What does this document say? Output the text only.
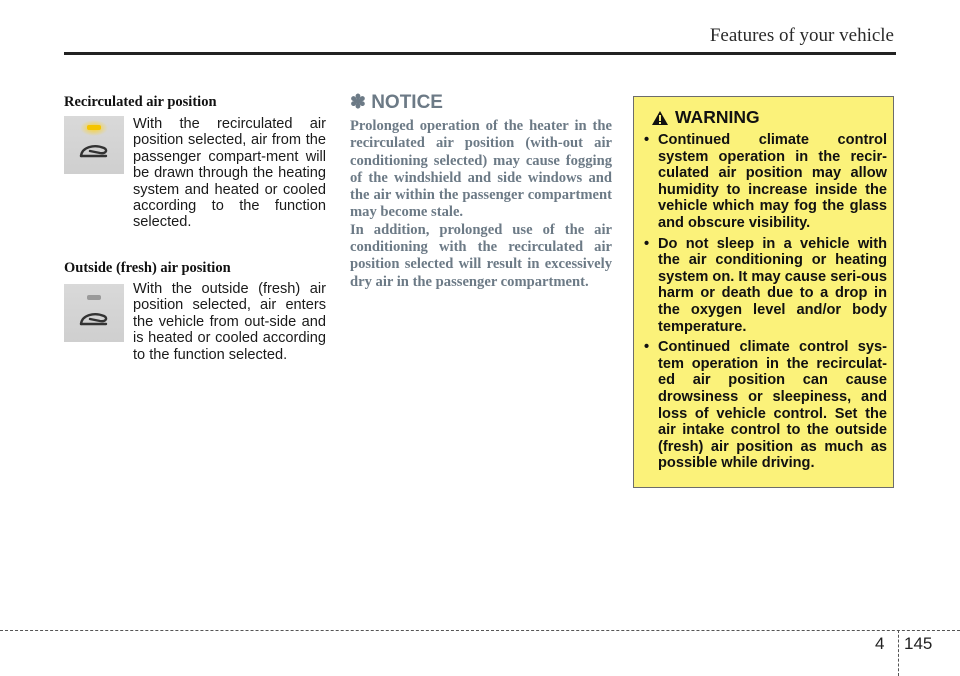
Features of your vehicle
Recirculated air position
With the recirculated air position selected, air from the passenger compart-ment will be drawn through the heating system and heated or cooled according to the function selected.
Outside (fresh) air position
With the outside (fresh) air position selected, air enters the vehicle from out-side and is heated or cooled according to the function selected.
✽ NOTICE

Prolonged operation of the heater in the recirculated air position (with-out air conditioning selected) may cause fogging of the windshield and side windows and the air within the passenger compartment may become stale.

In addition, prolonged use of the air conditioning with the recirculated air position selected will result in excessively dry air in the passenger compartment.

WARNING
• Continued climate control system operation in the recir-culated air position may allow humidity to increase inside the vehicle which may fog the glass and obscure visibility.
• Do not sleep in a vehicle with the air conditioning or heating system on. It may cause seri-ous harm or death due to a drop in the oxygen level and/or body temperature.
• Continued climate control sys-tem operation in the recirculat-ed air position can cause drowsiness or sleepiness, and loss of vehicle control. Set the air intake control to the outside (fresh) air position as much as possible while driving.
4 145
